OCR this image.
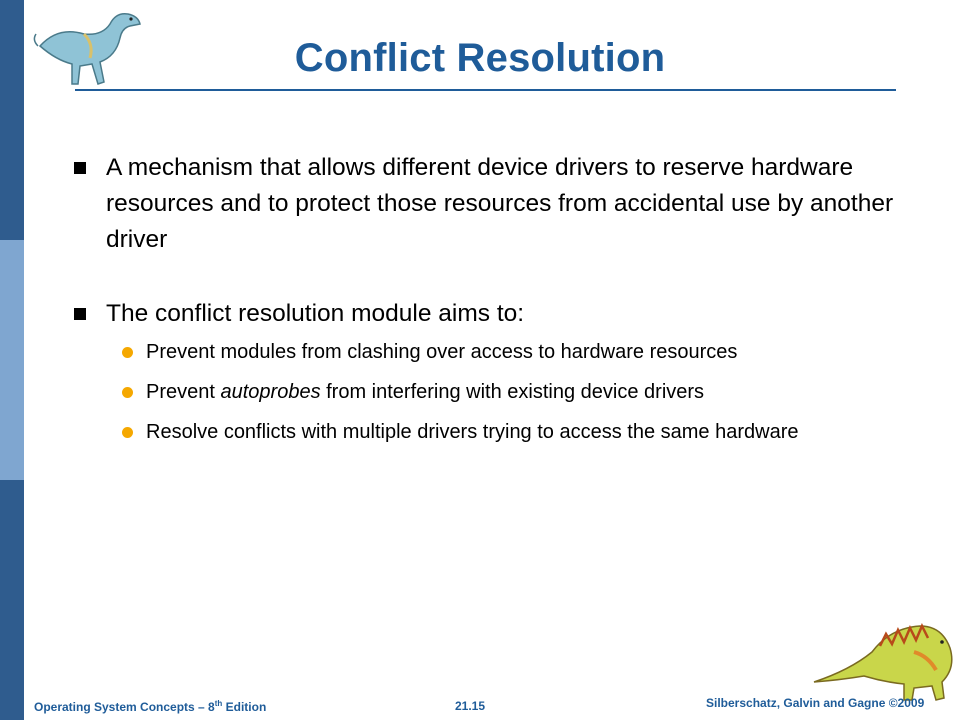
Conflict Resolution

A mechanism that allows different device drivers to reserve hardware resources and to protect those resources from accidental use by another driver

The conflict resolution module aims to:

Prevent modules from clashing over access to hardware resources
Prevent autoprobes from interfering with existing device drivers
Resolve conflicts with multiple drivers trying to access the same hardware
Operating System Concepts – 8th Edition	21.15	Silberschatz, Galvin and Gagne ©2009
